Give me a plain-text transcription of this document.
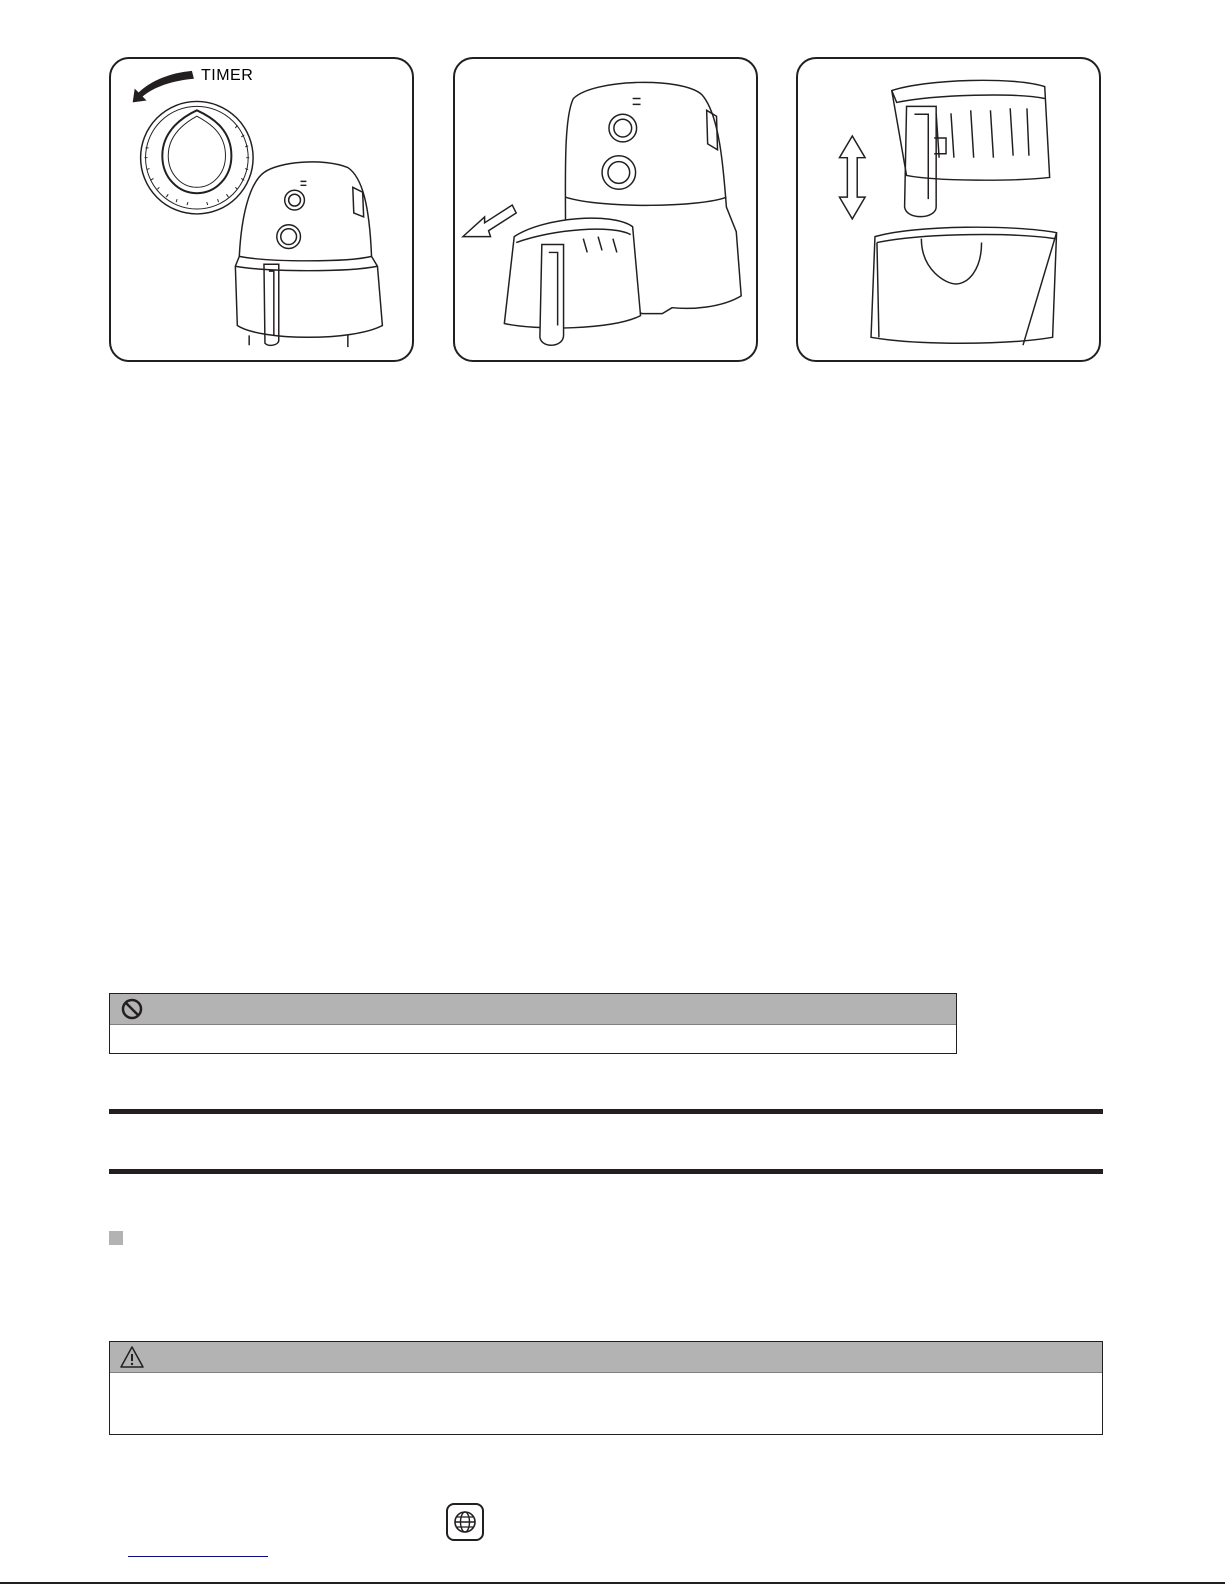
TIMER
